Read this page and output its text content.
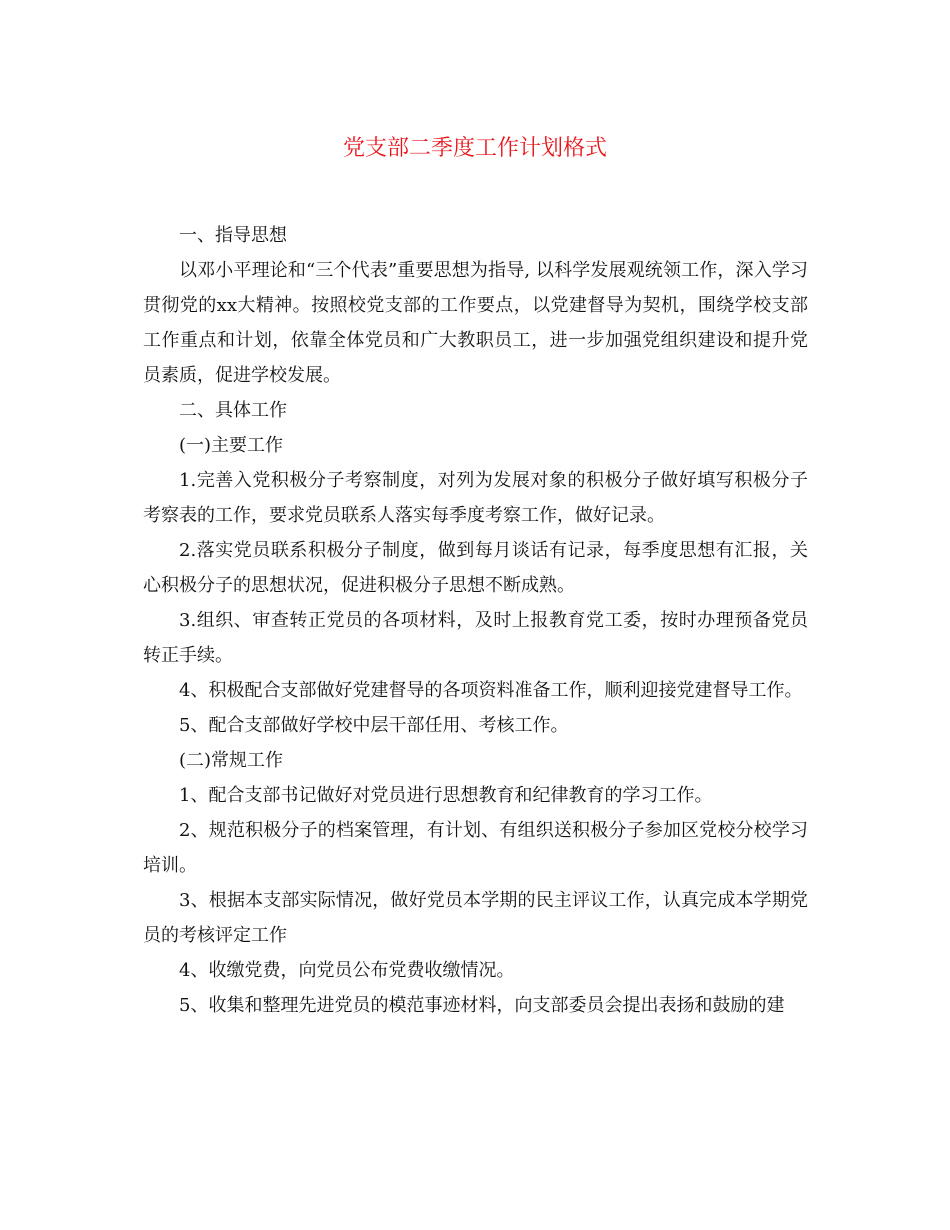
党支部二季度工作计划格式

一、指导思想

以邓小平理论和“三个代表”重要思想为指导, 以科学发展观统领工作，深入学习贯彻党的xx大精神。按照校党支部的工作要点，以党建督导为契机，围绕学校支部工作重点和计划，依靠全体党员和广大教职员工，进一步加强党组织建设和提升党员素质，促进学校发展。

二、具体工作

(一)主要工作

1.完善入党积极分子考察制度，对列为发展对象的积极分子做好填写积极分子考察表的工作，要求党员联系人落实每季度考察工作，做好记录。

2.落实党员联系积极分子制度，做到每月谈话有记录，每季度思想有汇报，关心积极分子的思想状况，促进积极分子思想不断成熟。

3.组织、审查转正党员的各项材料，及时上报教育党工委，按时办理预备党员转正手续。

4、积极配合支部做好党建督导的各项资料准备工作，顺利迎接党建督导工作。

5、配合支部做好学校中层干部任用、考核工作。

(二)常规工作

1、配合支部书记做好对党员进行思想教育和纪律教育的学习工作。

2、规范积极分子的档案管理，有计划、有组织送积极分子参加区党校分校学习培训。

3、根据本支部实际情况，做好党员本学期的民主评议工作，认真完成本学期党员的考核评定工作

4、收缴党费，向党员公布党费收缴情况。

5、收集和整理先进党员的模范事迹材料，向支部委员会提出表扬和鼓励的建
